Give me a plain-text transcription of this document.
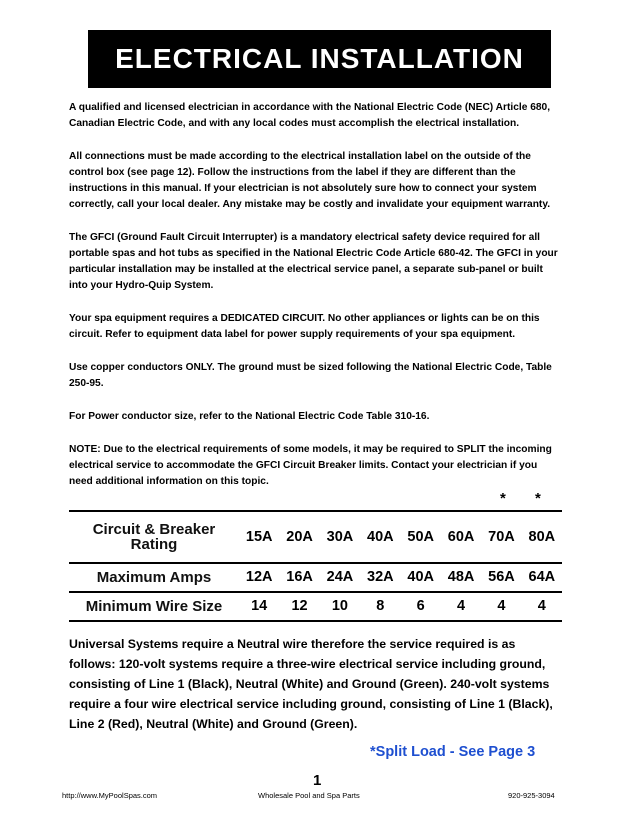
ELECTRICAL INSTALLATION

A qualified and licensed electrician in accordance with the National Electric Code (NEC) Article 680, Canadian Electric Code, and with any local codes must accomplish the electrical installation.

All connections must be made according to the electrical installation label on the outside of the control box (see page 12). Follow the instructions from the label if they are different than the instructions in this manual. If your electrician is not absolutely sure how to connect your system correctly, call your local dealer. Any mistake may be costly and invalidate your equipment warranty.

The GFCI (Ground Fault Circuit Interrupter) is a mandatory electrical safety device required for all portable spas and hot tubs as specified in the National Electric Code Article 680-42. The GFCI in your particular installation may be installed at the electrical service panel, a separate sub-panel or built into your Hydro-Quip System.

Your spa equipment requires a DEDICATED CIRCUIT. No other appliances or lights can be on this circuit. Refer to equipment data label for power supply requirements of your spa equipment.

Use copper conductors ONLY. The ground must be sized following the National Electric Code, Table 250-95.

For Power conductor size, refer to the National Electric Code Table 310-16.

NOTE: Due to the electrical requirements of some models, it may be required to SPLIT the incoming electrical service to accommodate the GFCI Circuit Breaker limits. Contact your electrician if you need additional information on this topic.

* *
Circuit & Breaker Rating	15A	20A	30A	40A	50A	60A	70A	80A
Maximum Amps	12A	16A	24A	32A	40A	48A	56A	64A
Minimum Wire Size	14	12	10	8	6	4	4	4
Universal Systems require a Neutral wire therefore the service required is as follows: 120-volt systems require a three-wire electrical service including ground, consisting of Line 1 (Black), Neutral (White) and Ground (Green). 240-volt systems require a four wire electrical service including ground, consisting of Line 1 (Black), Line 2 (Red), Neutral (White) and Ground (Green).
*Split Load - See Page 3
1
http://www.MyPoolSpas.com	Wholesale Pool and Spa Parts	920-925-3094
